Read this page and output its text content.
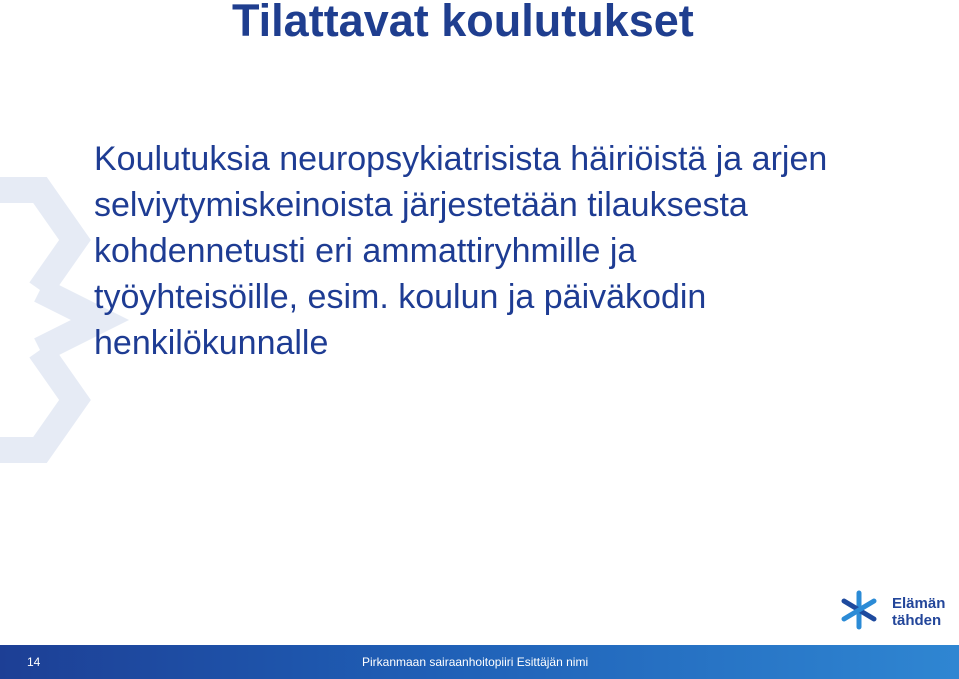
Tilattavat koulutukset
Koulutuksia neuropsykiatrisista häiriöistä ja arjen
selviytymiskeinoista järjestetään tilauksesta
kohdennetusti eri ammattiryhmille ja
työyhteisöille, esim. koulun ja päiväkodin
henkilökunnalle
Elämän
tähden
14	Pirkanmaan sairaanhoitopiiri Esittäjän nimi
